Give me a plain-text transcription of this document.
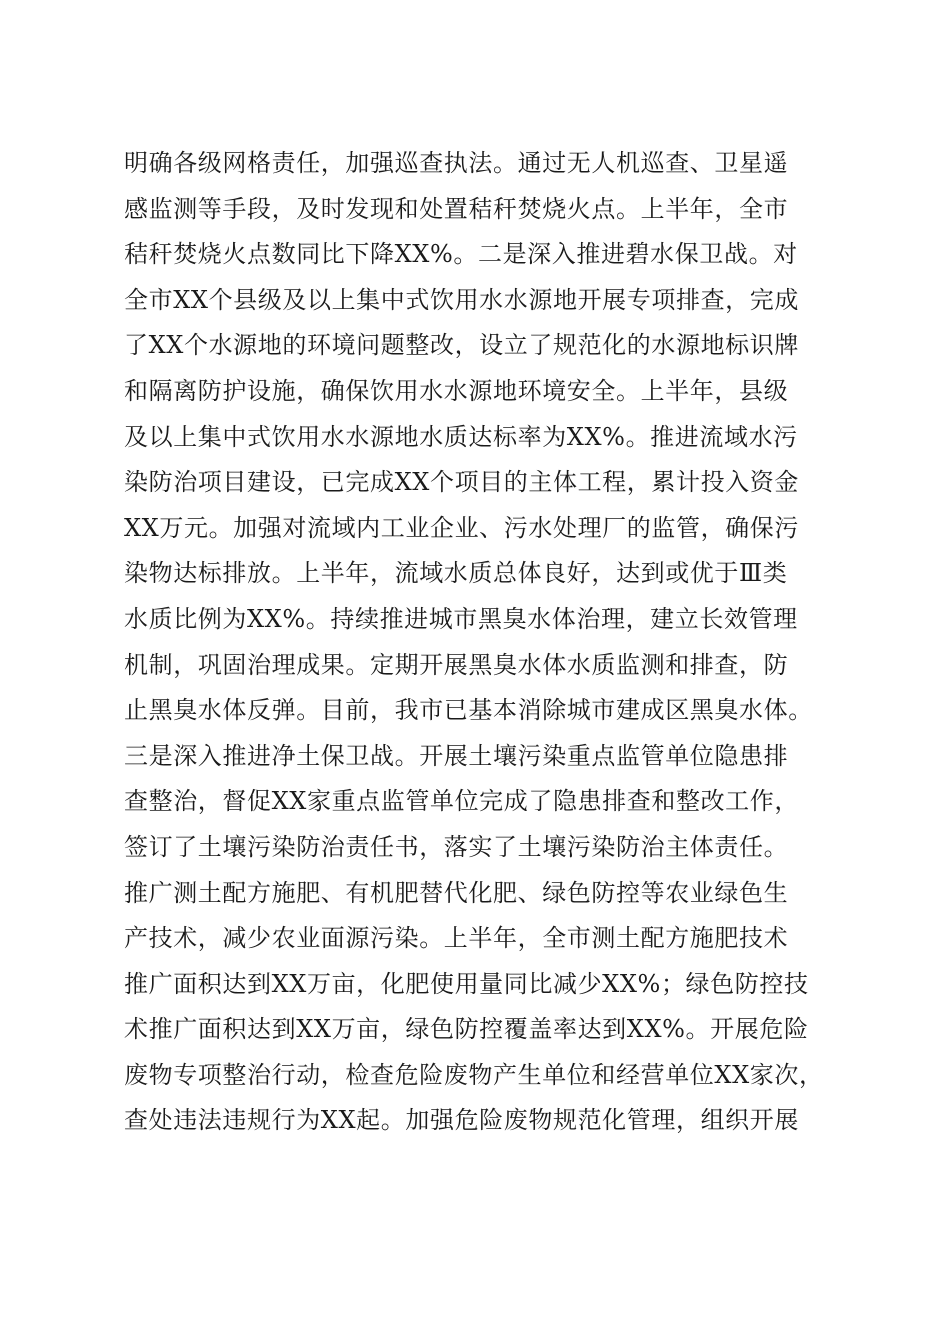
明确各级网格责任，加强巡查执法。通过无人机巡查、卫星遥
感监测等手段，及时发现和处置秸秆焚烧火点。上半年，全市
秸秆焚烧火点数同比下降XX%。二是深入推进碧水保卫战。对
全市XX个县级及以上集中式饮用水水源地开展专项排查，完成
了XX个水源地的环境问题整改，设立了规范化的水源地标识牌
和隔离防护设施，确保饮用水水源地环境安全。上半年，县级
及以上集中式饮用水水源地水质达标率为XX%。推进流域水污
染防治项目建设，已完成XX个项目的主体工程，累计投入资金
XX万元。加强对流域内工业企业、污水处理厂的监管，确保污
染物达标排放。上半年，流域水质总体良好，达到或优于Ⅲ类
水质比例为XX%。持续推进城市黑臭水体治理，建立长效管理
机制，巩固治理成果。定期开展黑臭水体水质监测和排查，防
止黑臭水体反弹。目前，我市已基本消除城市建成区黑臭水体。
三是深入推进净土保卫战。开展土壤污染重点监管单位隐患排
查整治，督促XX家重点监管单位完成了隐患排查和整改工作，
签订了土壤污染防治责任书，落实了土壤污染防治主体责任。
推广测土配方施肥、有机肥替代化肥、绿色防控等农业绿色生
产技术，减少农业面源污染。上半年，全市测土配方施肥技术
推广面积达到XX万亩，化肥使用量同比减少XX%；绿色防控技
术推广面积达到XX万亩，绿色防控覆盖率达到XX%。开展危险
废物专项整治行动，检查危险废物产生单位和经营单位XX家次，
查处违法违规行为XX起。加强危险废物规范化管理，组织开展
